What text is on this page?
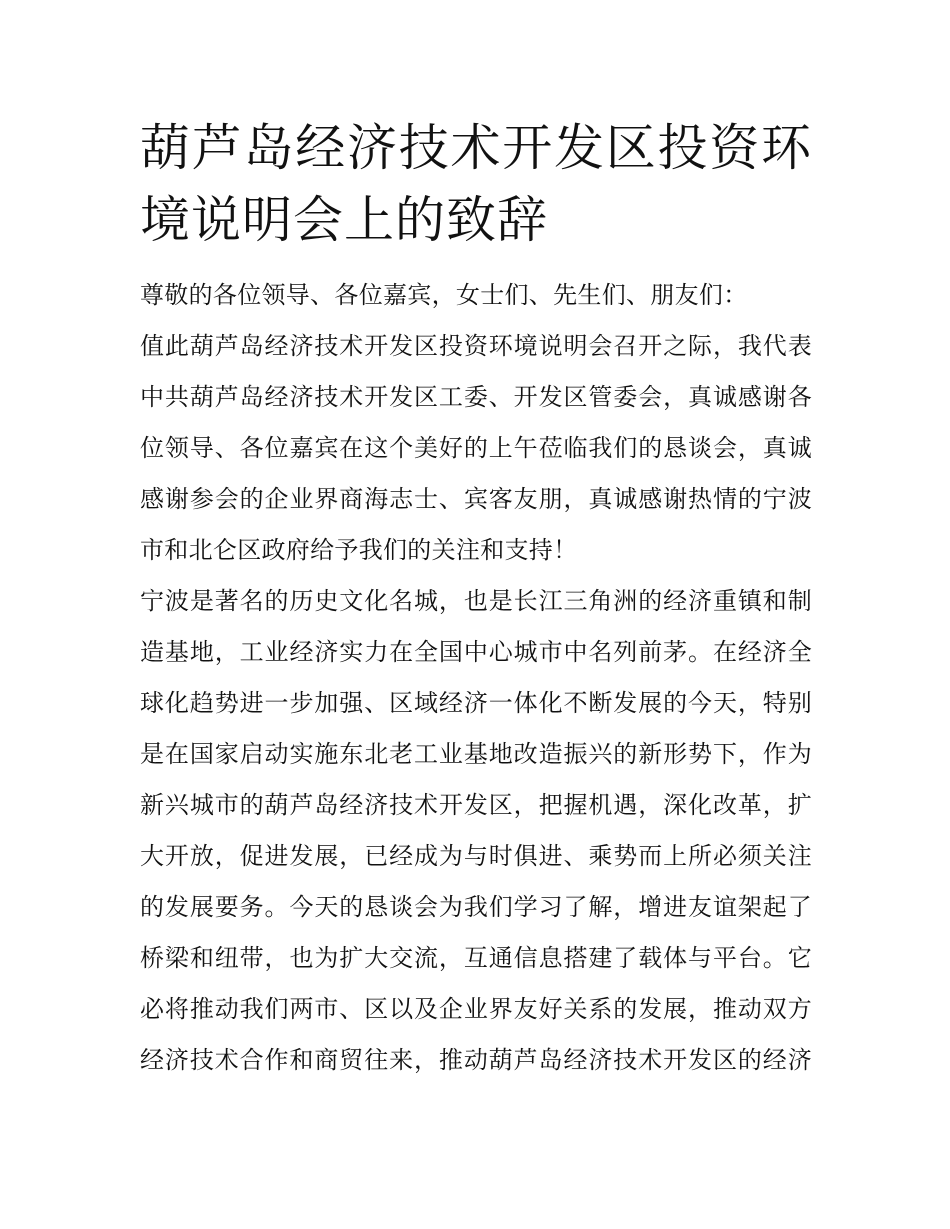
葫芦岛经济技术开发区投资环
境说明会上的致辞

尊敬的各位领导、各位嘉宾，女士们、先生们、朋友们：

值此葫芦岛经济技术开发区投资环境说明会召开之际，我代表
中共葫芦岛经济技术开发区工委、开发区管委会，真诚感谢各
位领导、各位嘉宾在这个美好的上午莅临我们的恳谈会，真诚
感谢参会的企业界商海志士、宾客友朋，真诚感谢热情的宁波
市和北仑区政府给予我们的关注和支持！

宁波是著名的历史文化名城，也是长江三角洲的经济重镇和制
造基地，工业经济实力在全国中心城市中名列前茅。在经济全
球化趋势进一步加强、区域经济一体化不断发展的今天，特别
是在国家启动实施东北老工业基地改造振兴的新形势下，作为
新兴城市的葫芦岛经济技术开发区，把握机遇，深化改革，扩
大开放，促进发展，已经成为与时俱进、乘势而上所必须关注
的发展要务。今天的恳谈会为我们学习了解，增进友谊架起了
桥梁和纽带，也为扩大交流，互通信息搭建了载体与平台。它
必将推动我们两市、区以及企业界友好关系的发展，推动双方
经济技术合作和商贸往来，推动葫芦岛经济技术开发区的经济
